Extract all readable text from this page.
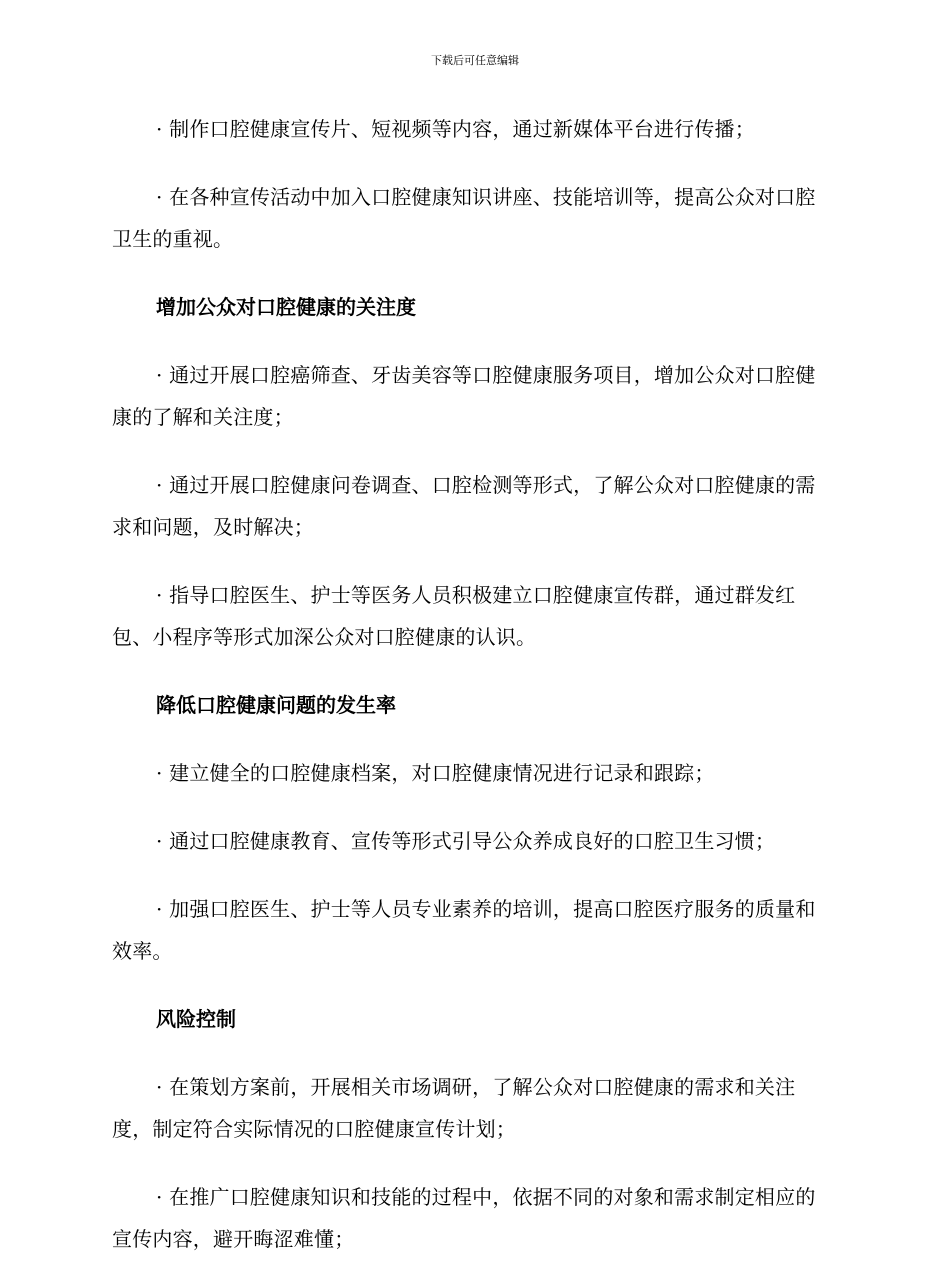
下载后可任意编辑

· 制作口腔健康宣传片、短视频等内容，通过新媒体平台进行传播；

· 在各种宣传活动中加入口腔健康知识讲座、技能培训等，提高公众对口腔卫生的重视。

增加公众对口腔健康的关注度

· 通过开展口腔癌筛查、牙齿美容等口腔健康服务项目，增加公众对口腔健康的了解和关注度；

· 通过开展口腔健康问卷调查、口腔检测等形式，了解公众对口腔健康的需求和问题，及时解决；

· 指导口腔医生、护士等医务人员积极建立口腔健康宣传群，通过群发红包、小程序等形式加深公众对口腔健康的认识。

降低口腔健康问题的发生率

· 建立健全的口腔健康档案，对口腔健康情况进行记录和跟踪；

· 通过口腔健康教育、宣传等形式引导公众养成良好的口腔卫生习惯；

· 加强口腔医生、护士等人员专业素养的培训，提高口腔医疗服务的质量和效率。

风险控制

· 在策划方案前，开展相关市场调研，了解公众对口腔健康的需求和关注度，制定符合实际情况的口腔健康宣传计划；

· 在推广口腔健康知识和技能的过程中，依据不同的对象和需求制定相应的宣传内容，避开晦涩难懂；
